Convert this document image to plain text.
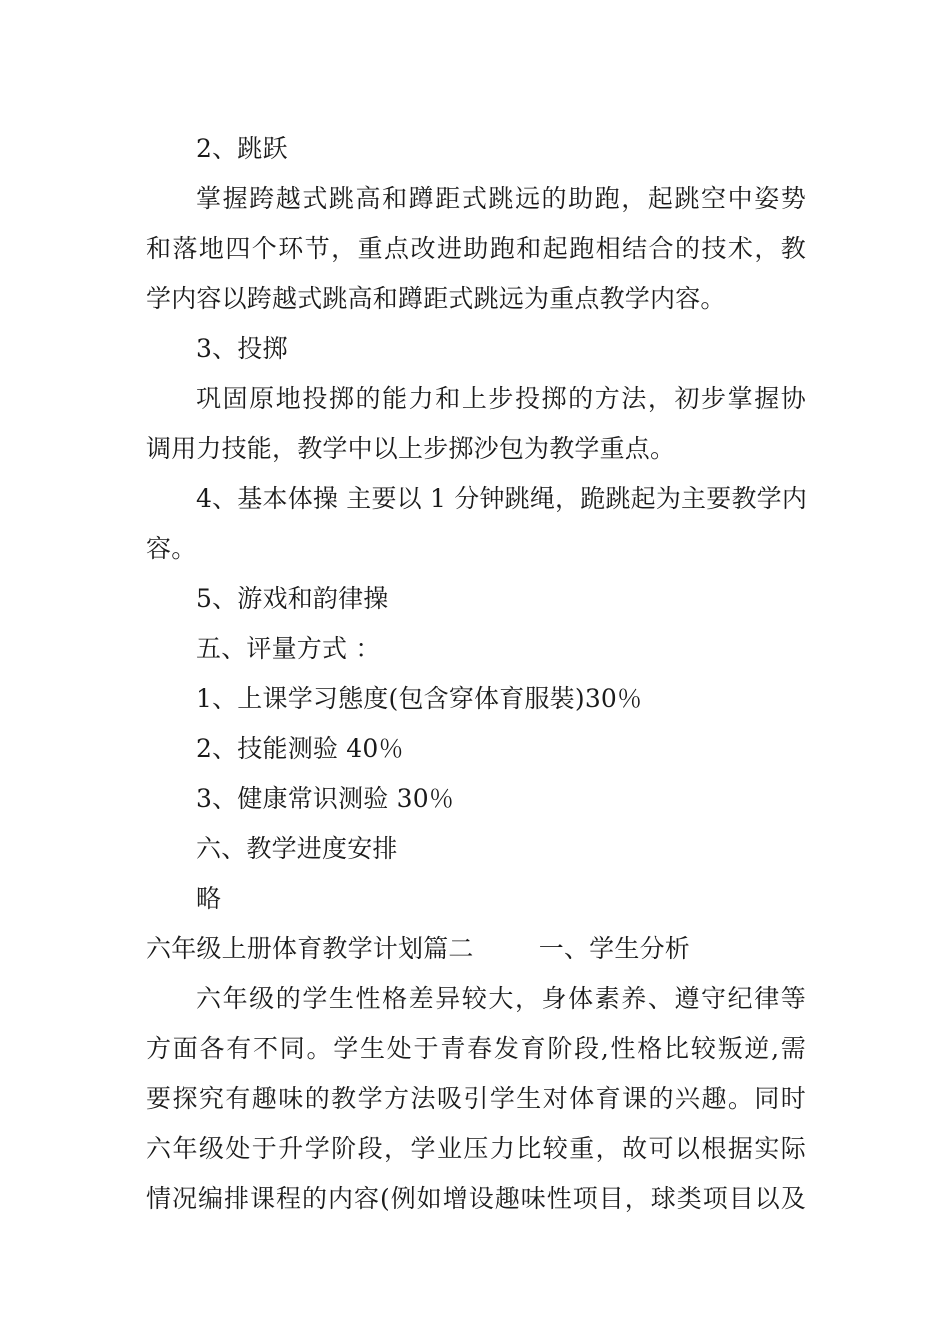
2、跳跃
掌握跨越式跳高和蹲距式跳远的助跑，起跳空中姿势
和落地四个环节，重点改进助跑和起跑相结合的技术，教
学内容以跨越式跳高和蹲距式跳远为重点教学内容。
3、投掷
巩固原地投掷的能力和上步投掷的方法，初步掌握协
调用力技能，教学中以上步掷沙包为教学重点。
4、基本体操 主要以 1 分钟跳绳，跪跳起为主要教学内
容。
5、游戏和韵律操
五、评量方式 ：
1、上课学习態度(包含穿体育服裝)30％
2、技能测验 40％
3、健康常识测验 30％
六、教学进度安排
略
六年级上册体育教学计划篇二        一、学生分析
六年级的学生性格差异较大，身体素养、遵守纪律等
方面各有不同。学生处于青春发育阶段,性格比较叛逆,需
要探究有趣味的教学方法吸引学生对体育课的兴趣。同时
六年级处于升学阶段，学业压力比较重，故可以根据实际
情况编排课程的内容(例如增设趣味性项目，球类项目以及
